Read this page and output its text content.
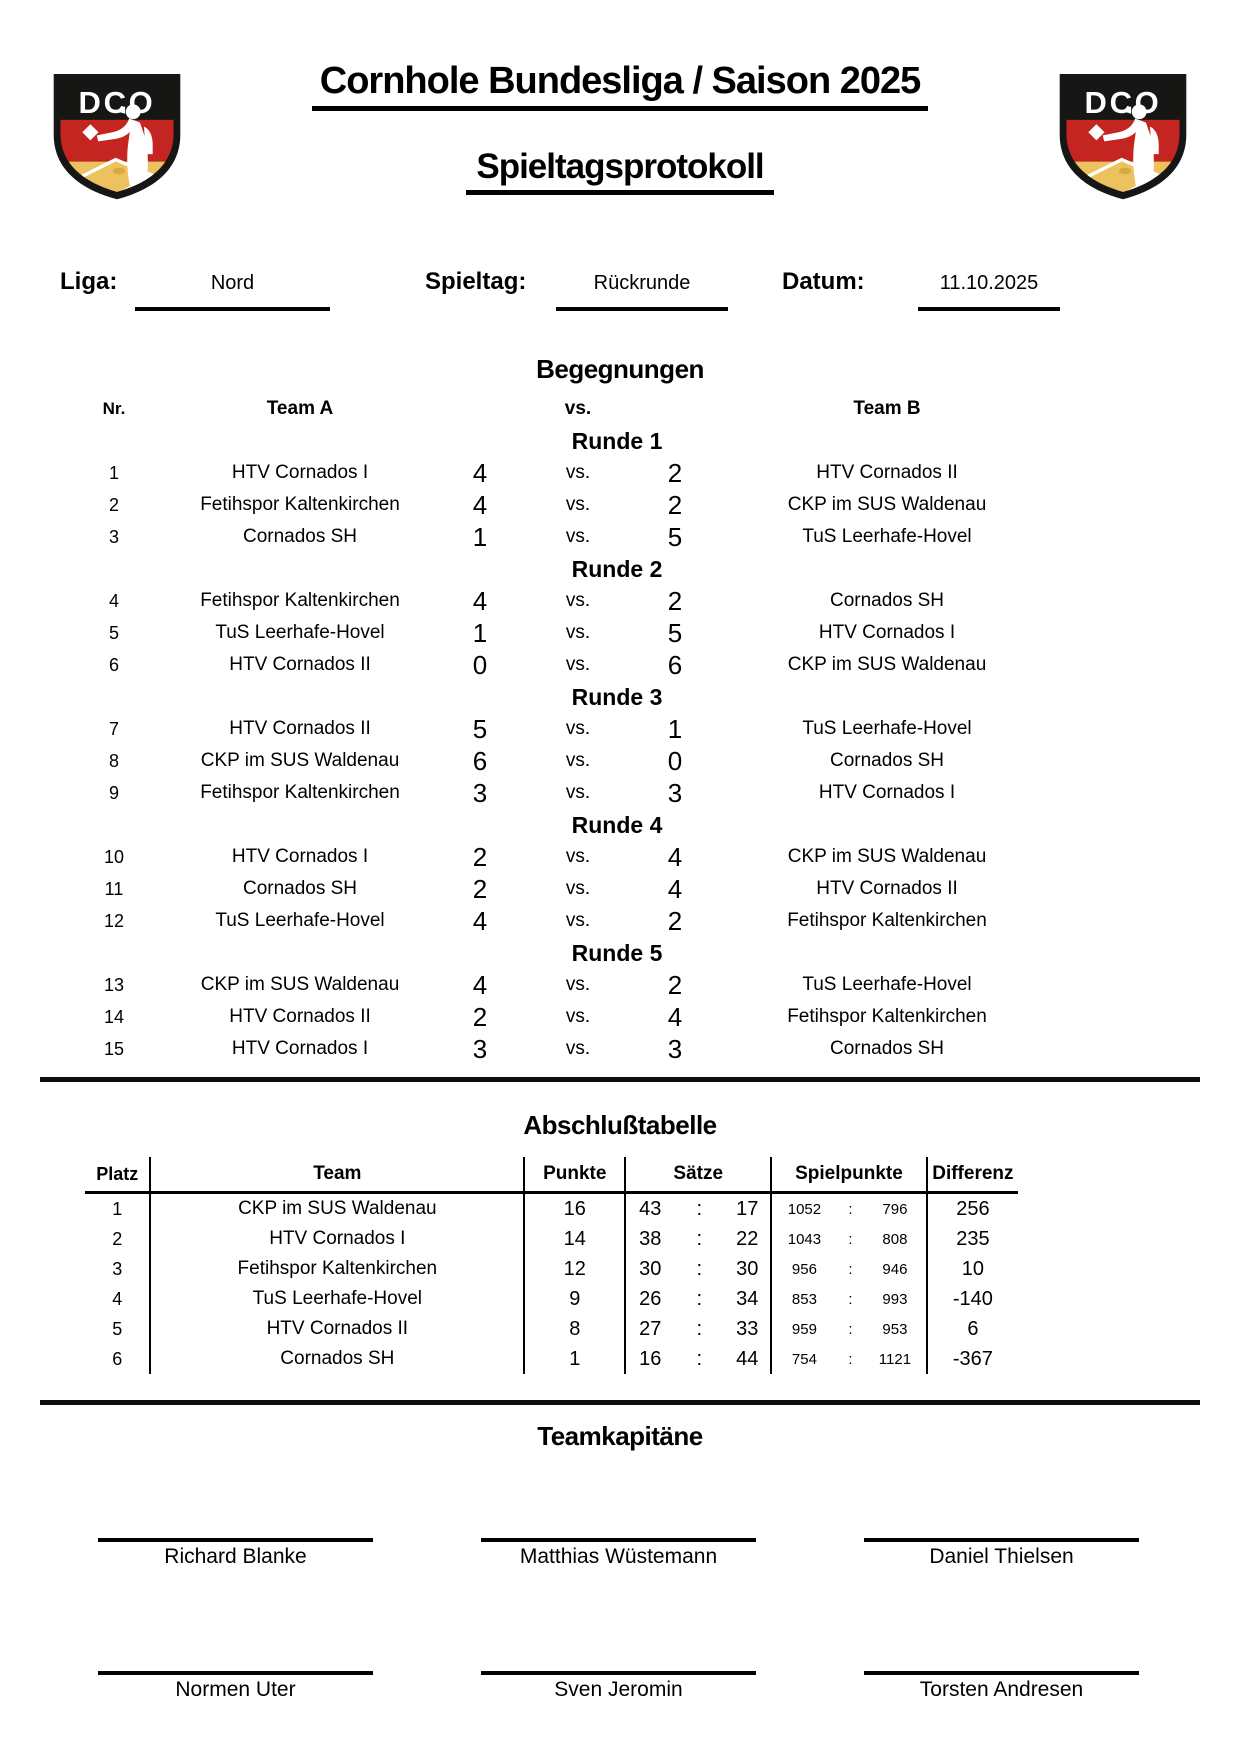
DCO
Cornhole Bundesliga / Saison 2025
Spieltagsprotokoll
DCO
Liga:	Nord	Spieltag:	Rückrunde	Datum:	11.10.2025
Begegnungen
Nr.	Team A	vs.	Team B
Runde 1
1	HTV Cornados I	4	vs.	2	HTV Cornados II
2	Fetihspor Kaltenkirchen	4	vs.	2	CKP im SUS Waldenau
3	Cornados SH	1	vs.	5	TuS Leerhafe-Hovel
Runde 2
4	Fetihspor Kaltenkirchen	4	vs.	2	Cornados SH
5	TuS Leerhafe-Hovel	1	vs.	5	HTV Cornados I
6	HTV Cornados II	0	vs.	6	CKP im SUS Waldenau
Runde 3
7	HTV Cornados II	5	vs.	1	TuS Leerhafe-Hovel
8	CKP im SUS Waldenau	6	vs.	0	Cornados SH
9	Fetihspor Kaltenkirchen	3	vs.	3	HTV Cornados I
Runde 4
10	HTV Cornados I	2	vs.	4	CKP im SUS Waldenau
11	Cornados SH	2	vs.	4	HTV Cornados II
12	TuS Leerhafe-Hovel	4	vs.	2	Fetihspor Kaltenkirchen
Runde 5
13	CKP im SUS Waldenau	4	vs.	2	TuS Leerhafe-Hovel
14	HTV Cornados II	2	vs.	4	Fetihspor Kaltenkirchen
15	HTV Cornados I	3	vs.	3	Cornados SH
Abschlußtabelle
Platz	Team	Punkte	Sätze	Spielpunkte	Differenz
1	CKP im SUS Waldenau	16	43	:	17	1052	:	796	256
2	HTV Cornados I	14	38	:	22	1043	:	808	235
3	Fetihspor Kaltenkirchen	12	30	:	30	956	:	946	10
4	TuS Leerhafe-Hovel	9	26	:	34	853	:	993	-140
5	HTV Cornados II	8	27	:	33	959	:	953	6
6	Cornados SH	1	16	:	44	754	:	1121	-367
Teamkapitäne
Richard Blanke	Matthias Wüstemann	Daniel Thielsen
Normen Uter	Sven Jeromin	Torsten Andresen
